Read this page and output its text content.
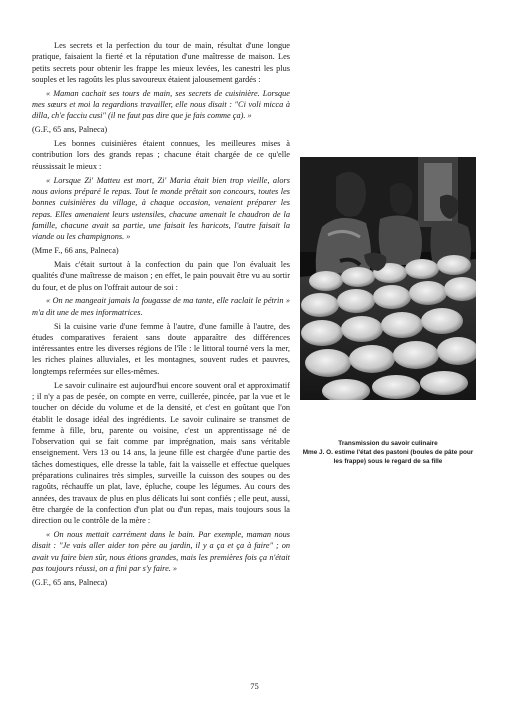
Les secrets et la perfection du tour de main, résultat d'une longue pratique, faisaient la fierté et la réputation d'une maîtresse de maison. Les petits secrets pour obtenir les frappe les mieux levées, les canestri les plus souples et les ragoûts les plus savoureux étaient jalousement gardés :

« Maman cachait ses tours de main, ses secrets de cuisinière. Lorsque mes sœurs et moi la regardions travailler, elle nous disait : "Ci voli micca à dilla, ch'e facciu cusi" (il ne faut pas dire que je fais comme ça). »

(G.F., 65 ans, Palneca)

Les bonnes cuisinières étaient connues, les meilleures mises à contribution lors des grands repas ; chacune était chargée de ce qu'elle réussissait le mieux :

« Lorsque Zi' Matteu est mort, Zi' Maria était bien trop vieille, alors nous avions préparé le repas. Tout le monde prêtait son concours, toutes les bonnes cuisinières du village, à chaque occasion, venaient préparer les repas. Elles amenaient leurs ustensiles, chacune amenait le chaudron de la famille, chacune avait sa partie, une faisait les haricots, l'autre faisait la viande ou les champignons. »

(Mme F., 66 ans, Palneca)

Mais c'était surtout à la confection du pain que l'on évaluait les qualités d'une maîtresse de maison ; en effet, le pain pouvait être vu au sortir du four, et de plus on l'offrait autour de soi :

« On ne mangeait jamais la fougasse de ma tante, elle raclait le pétrin » m'a dit une de mes informatrices.

Si la cuisine varie d'une femme à l'autre, d'une famille à l'autre, des études comparatives feraient sans doute apparaître des différences intéressantes entre les diverses régions de l'île : le littoral tourné vers la mer, les riches plaines alluviales, et les montagnes, souvent rudes et pauvres, longtemps refermées sur elles-mêmes.

Le savoir culinaire est aujourd'hui encore souvent oral et approximatif ; il n'y a pas de pesée, on compte en verre, cuillerée, pincée, par la vue et le toucher on décide du volume et de la densité, et c'est en goûtant que l'on établit le dosage idéal des ingrédients. Le savoir culinaire se transmet de femme à fille, bru, parente ou voisine, c'est un apprentissage né de l'observation qui se fait comme par imprégnation, mais sans véritable enseignement. Vers 13 ou 14 ans, la jeune fille est chargée d'une partie des tâches domestiques, elle dresse la table, fait la vaisselle et effectue quelques préparations culinaires très simples, surveille la cuisson des soupes ou des ragoûts, réchauffe un plat, lave, épluche, coupe les légumes. Au cours des années, des travaux de plus en plus délicats lui sont confiés ; elle peut, aussi, être chargée de la confection d'un plat ou d'un repas, mais toujours sous la direction ou le contrôle de la mère :

« On nous mettait carrément dans le bain. Par exemple, maman nous disait : "Je vais aller aider ton père au jardin, il y a ça et ça à faire" ; on avait vu faire bien sûr, nous étions grandes, mais les premières fois ça n'était pas toujours réussi, on a fini par s'y faire. »

(G.F., 65 ans, Palneca)

Transmission du savoir culinaire
Mme J. O. estime l'état des pastoni (boules de pâte pour les frappe) sous le regard de sa fille
75
